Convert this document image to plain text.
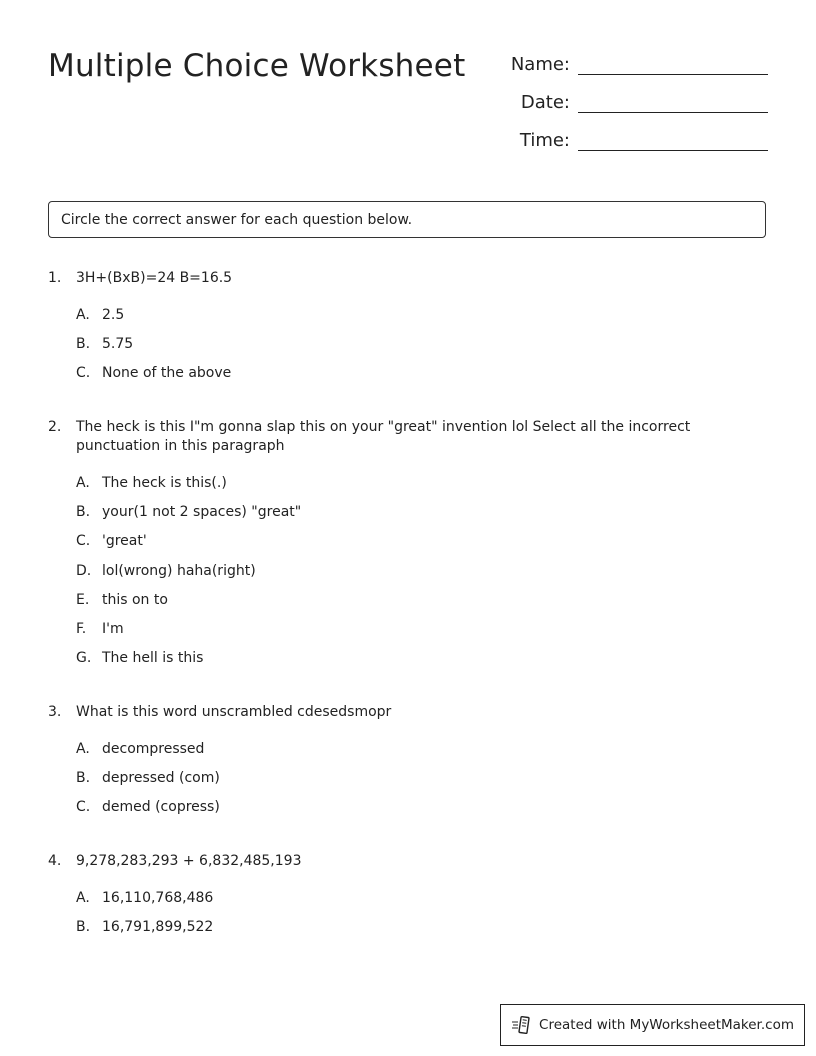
Multiple Choice Worksheet	Name:
Date:
Time:
Circle the correct answer for each question below.
1.	3H+(BxB)=24 B=16.5
A. 2.5
B. 5.75
C. None of the above
2.	The heck is this I"m gonna slap this on your "great" invention lol Select all the incorrect punctuation in this paragraph
A. The heck is this(.)
B. your(1 not 2 spaces) "great"
C. 'great'
D. lol(wrong) haha(right)
E. this on to
F.	I'm
G. The hell is this
3.	What is this word unscrambled cdesedsmopr
A. decompressed
B. depressed (com)
C. demed (copress)
4.	9,278,283,293 + 6,832,485,193
A. 16,110,768,486
B. 16,791,899,522
Created with MyWorksheetMaker.com
